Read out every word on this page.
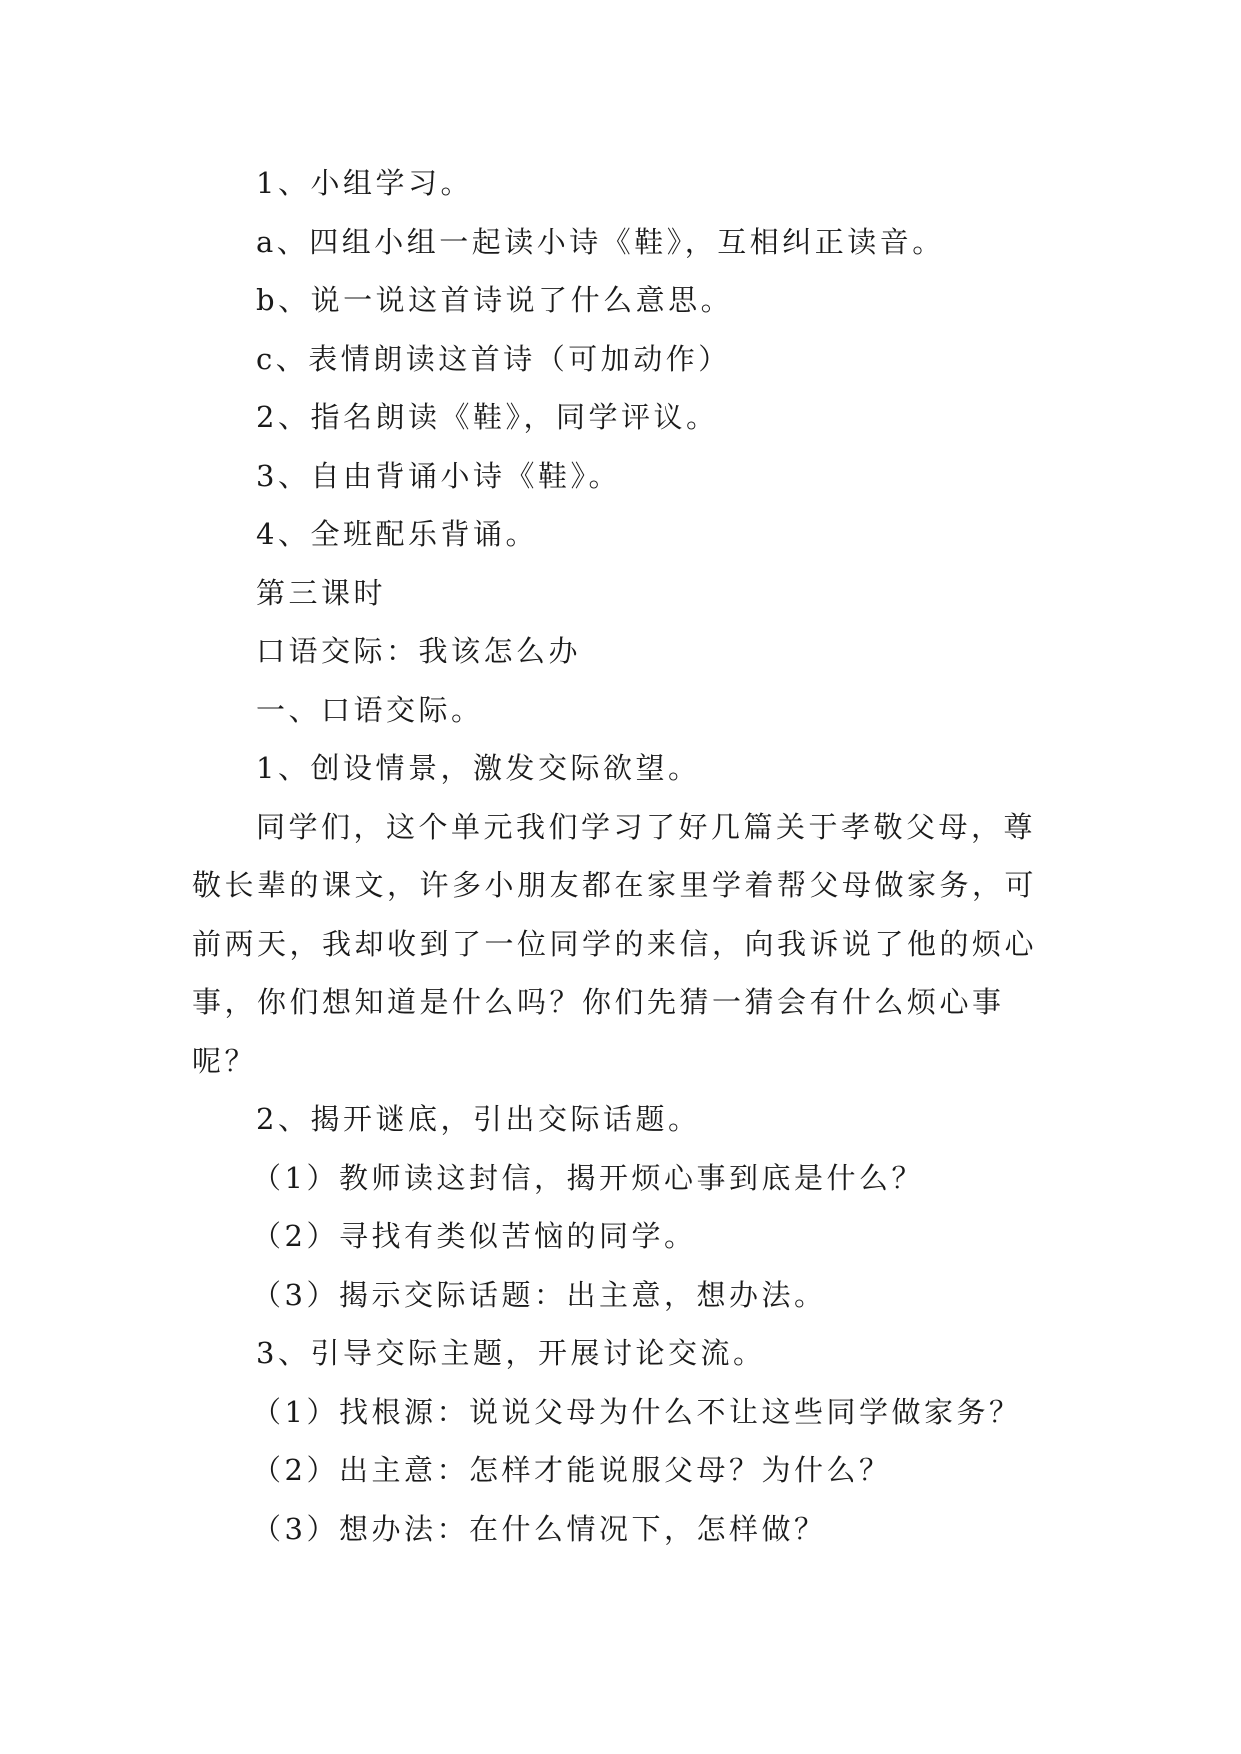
1、小组学习。

a、四组小组一起读小诗《鞋》，互相纠正读音。

b、说一说这首诗说了什么意思。

c、表情朗读这首诗（可加动作）

2、指名朗读《鞋》，同学评议。

3、自由背诵小诗《鞋》。

4、全班配乐背诵。

第三课时

口语交际：我该怎么办

一、口语交际。

1、创设情景，激发交际欲望。

同学们，这个单元我们学习了好几篇关于孝敬父母，尊
敬长辈的课文，许多小朋友都在家里学着帮父母做家务，可
前两天，我却收到了一位同学的来信，向我诉说了他的烦心
事，你们想知道是什么吗？你们先猜一猜会有什么烦心事
呢？

2、揭开谜底，引出交际话题。

（1）教师读这封信，揭开烦心事到底是什么？

（2）寻找有类似苦恼的同学。

（3）揭示交际话题：出主意，想办法。

3、引导交际主题，开展讨论交流。

（1）找根源：说说父母为什么不让这些同学做家务？

（2）出主意：怎样才能说服父母？为什么？

（3）想办法：在什么情况下，怎样做？
